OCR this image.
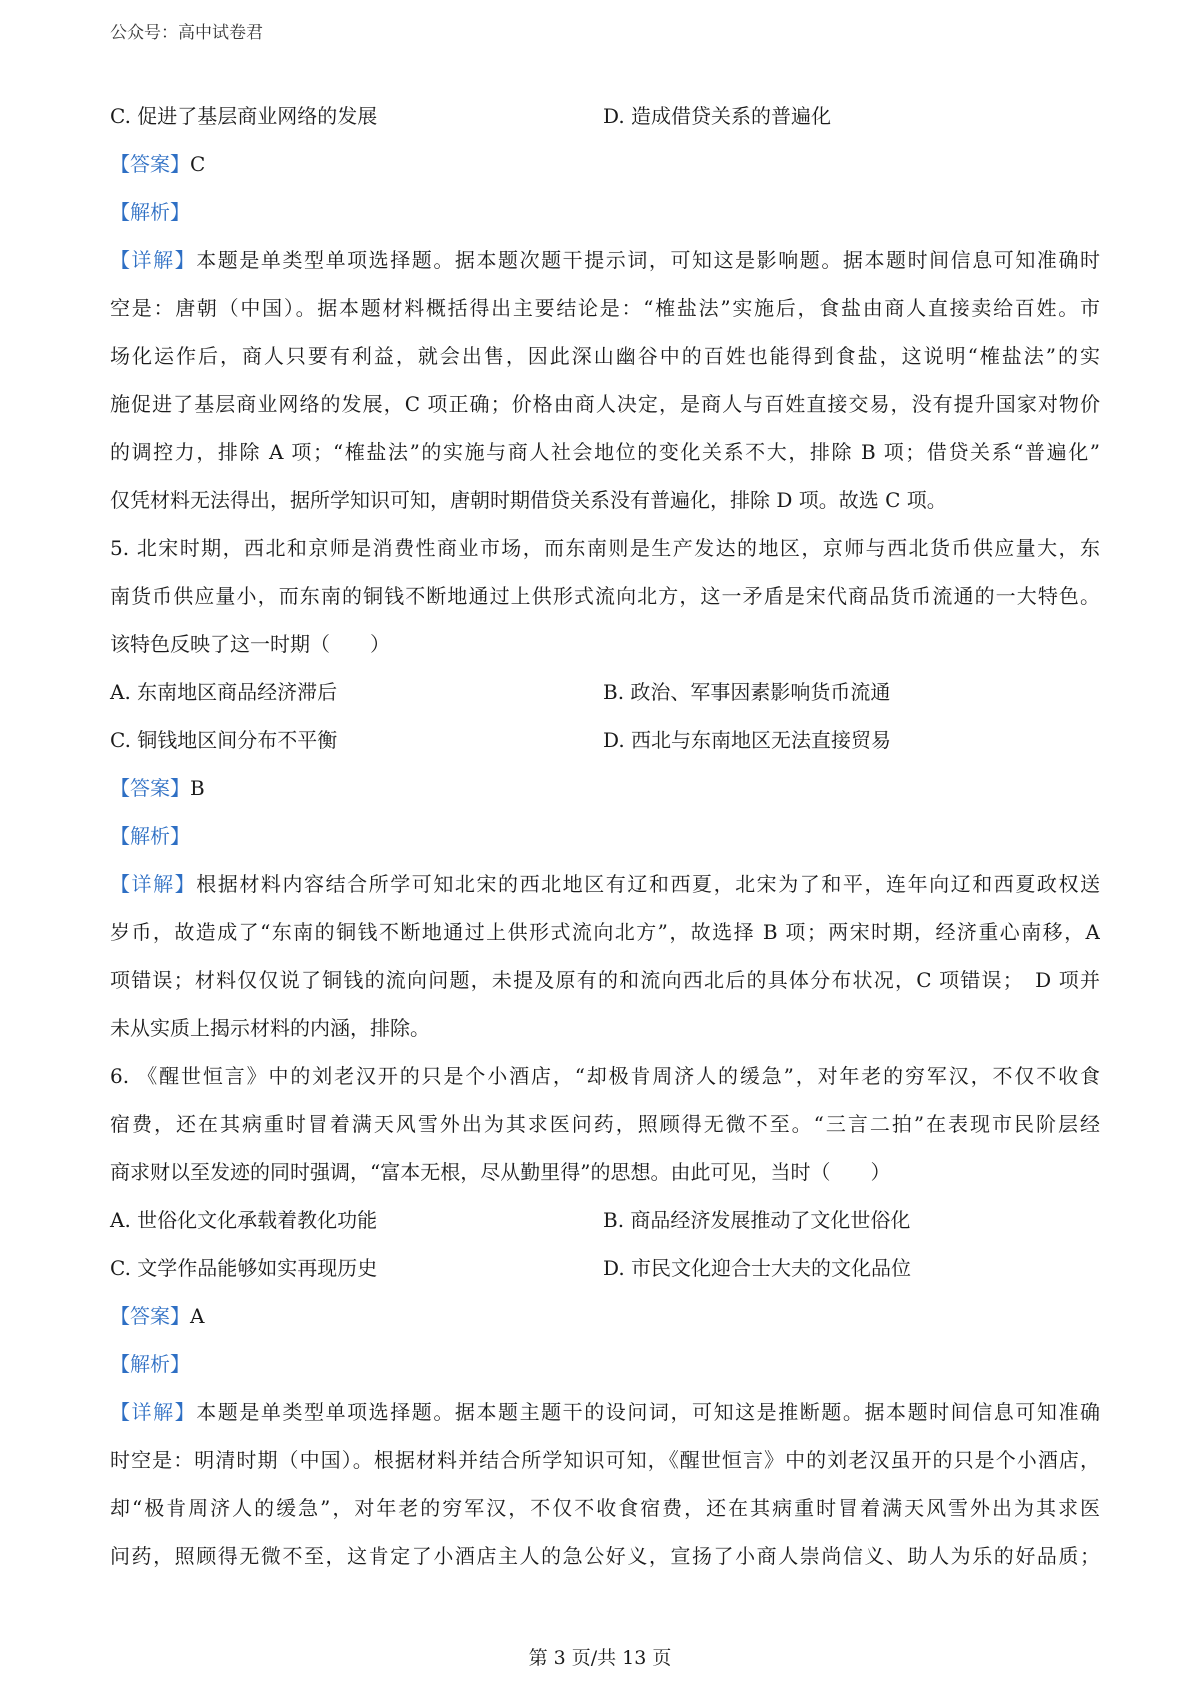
公众号：高中试卷君
C. 促进了基层商业网络的发展	D. 造成借贷关系的普遍化
【答案】C
【解析】
【详解】本题是单类型单项选择题。据本题次题干提示词，可知这是影响题。据本题时间信息可知准确时
空是：唐朝（中国）。据本题材料概括得出主要结论是：“榷盐法”实施后，食盐由商人直接卖给百姓。市
场化运作后，商人只要有利益，就会出售，因此深山幽谷中的百姓也能得到食盐，这说明“榷盐法”的实
施促进了基层商业网络的发展，C 项正确；价格由商人决定，是商人与百姓直接交易，没有提升国家对物价
的调控力，排除 A 项；“榷盐法”的实施与商人社会地位的变化关系不大，排除 B 项；借贷关系“普遍化”
仅凭材料无法得出，据所学知识可知，唐朝时期借贷关系没有普遍化，排除 D 项。故选 C 项。
5. 北宋时期，西北和京师是消费性商业市场，而东南则是生产发达的地区，京师与西北货币供应量大，东
南货币供应量小，而东南的铜钱不断地通过上供形式流向北方，这一矛盾是宋代商品货币流通的一大特色。
该特色反映了这一时期（　　）
A. 东南地区商品经济滞后	B. 政治、军事因素影响货币流通
C. 铜钱地区间分布不平衡	D. 西北与东南地区无法直接贸易
【答案】B
【解析】
【详解】根据材料内容结合所学可知北宋的西北地区有辽和西夏，北宋为了和平，连年向辽和西夏政权送
岁币，故造成了“东南的铜钱不断地通过上供形式流向北方”，故选择 B 项；两宋时期，经济重心南移，A
项错误；材料仅仅说了铜钱的流向问题，未提及原有的和流向西北后的具体分布状况，C 项错误；　D 项并
未从实质上揭示材料的内涵，排除。
6. 《醒世恒言》中的刘老汉开的只是个小酒店，“却极肯周济人的缓急”，对年老的穷军汉，不仅不收食
宿费，还在其病重时冒着满天风雪外出为其求医问药，照顾得无微不至。“三言二拍”在表现市民阶层经
商求财以至发迹的同时强调，“富本无根，尽从勤里得”的思想。由此可见，当时（　　）
A. 世俗化文化承载着教化功能	B. 商品经济发展推动了文化世俗化
C. 文学作品能够如实再现历史	D. 市民文化迎合士大夫的文化品位
【答案】A
【解析】
【详解】本题是单类型单项选择题。据本题主题干的设问词，可知这是推断题。据本题时间信息可知准确
时空是：明清时期（中国）。根据材料并结合所学知识可知，《醒世恒言》中的刘老汉虽开的只是个小酒店，
却“极肯周济人的缓急”，对年老的穷军汉，不仅不收食宿费，还在其病重时冒着满天风雪外出为其求医
问药，照顾得无微不至，这肯定了小酒店主人的急公好义，宣扬了小商人崇尚信义、助人为乐的好品质；
第 3 页/共 13 页
